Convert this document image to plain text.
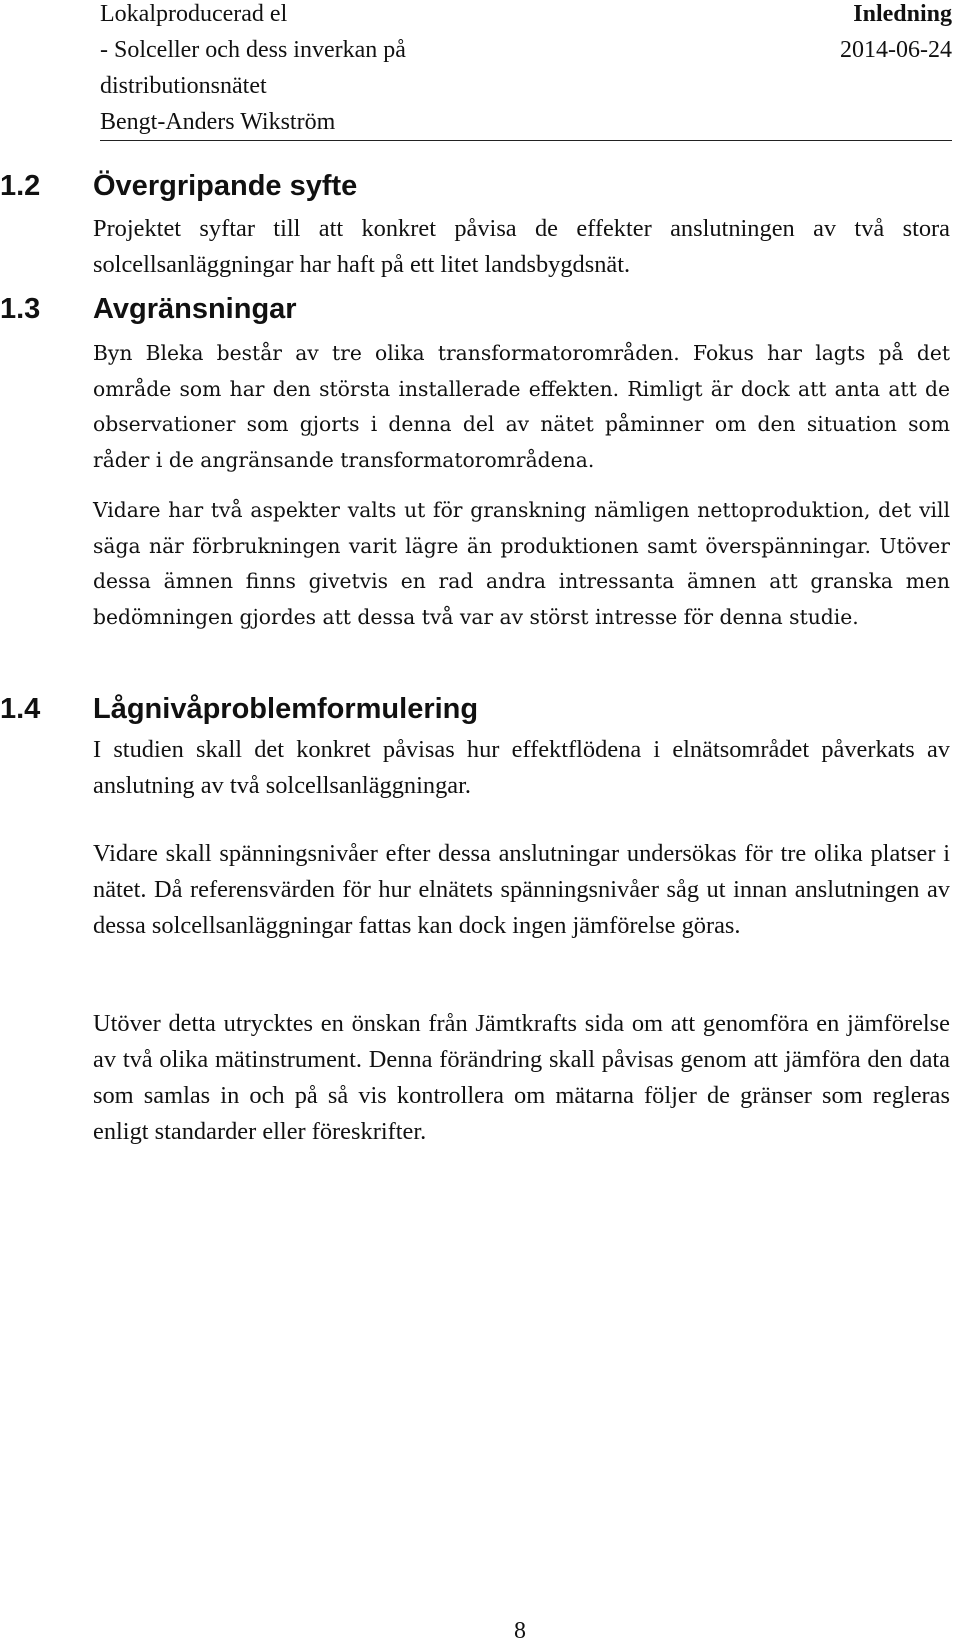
Lokalproducerad el
- Solceller och dess inverkan på
distributionsnätet
Bengt-Anders Wikström
Inledning
2014-06-24
1.2 Övergripande syfte

Projektet syftar till att konkret påvisa de effekter anslutningen av två stora solcellsanläggningar har haft på ett litet landsbygdsnät.

1.3 Avgränsningar

Byn Bleka består av tre olika transformatorområden. Fokus har lagts på det område som har den största installerade effekten. Rimligt är dock att anta att de observationer som gjorts i denna del av nätet påminner om den situation som råder i de angränsande transformatorområdena.

Vidare har två aspekter valts ut för granskning nämligen nettoproduktion, det vill säga när förbrukningen varit lägre än produktionen samt överspänningar. Utöver dessa ämnen finns givetvis en rad andra intressanta ämnen att granska men bedömningen gjordes att dessa två var av störst intresse för denna studie.

1.4 Lågnivåproblemformulering

I studien skall det konkret påvisas hur effektflödena i elnätsområdet påverkats av anslutning av två solcellsanläggningar.

Vidare skall spänningsnivåer efter dessa anslutningar undersökas för tre olika platser i nätet. Då referensvärden för hur elnätets spänningsnivåer såg ut innan anslutningen av dessa solcellsanläggningar fattas kan dock ingen jämförelse göras.

Utöver detta utrycktes en önskan från Jämtkrafts sida om att genomföra en jämförelse av två olika mätinstrument. Denna förändring skall påvisas genom att jämföra den data som samlas in och på så vis kontrollera om mätarna följer de gränser som regleras enligt standarder eller föreskrifter.

8
